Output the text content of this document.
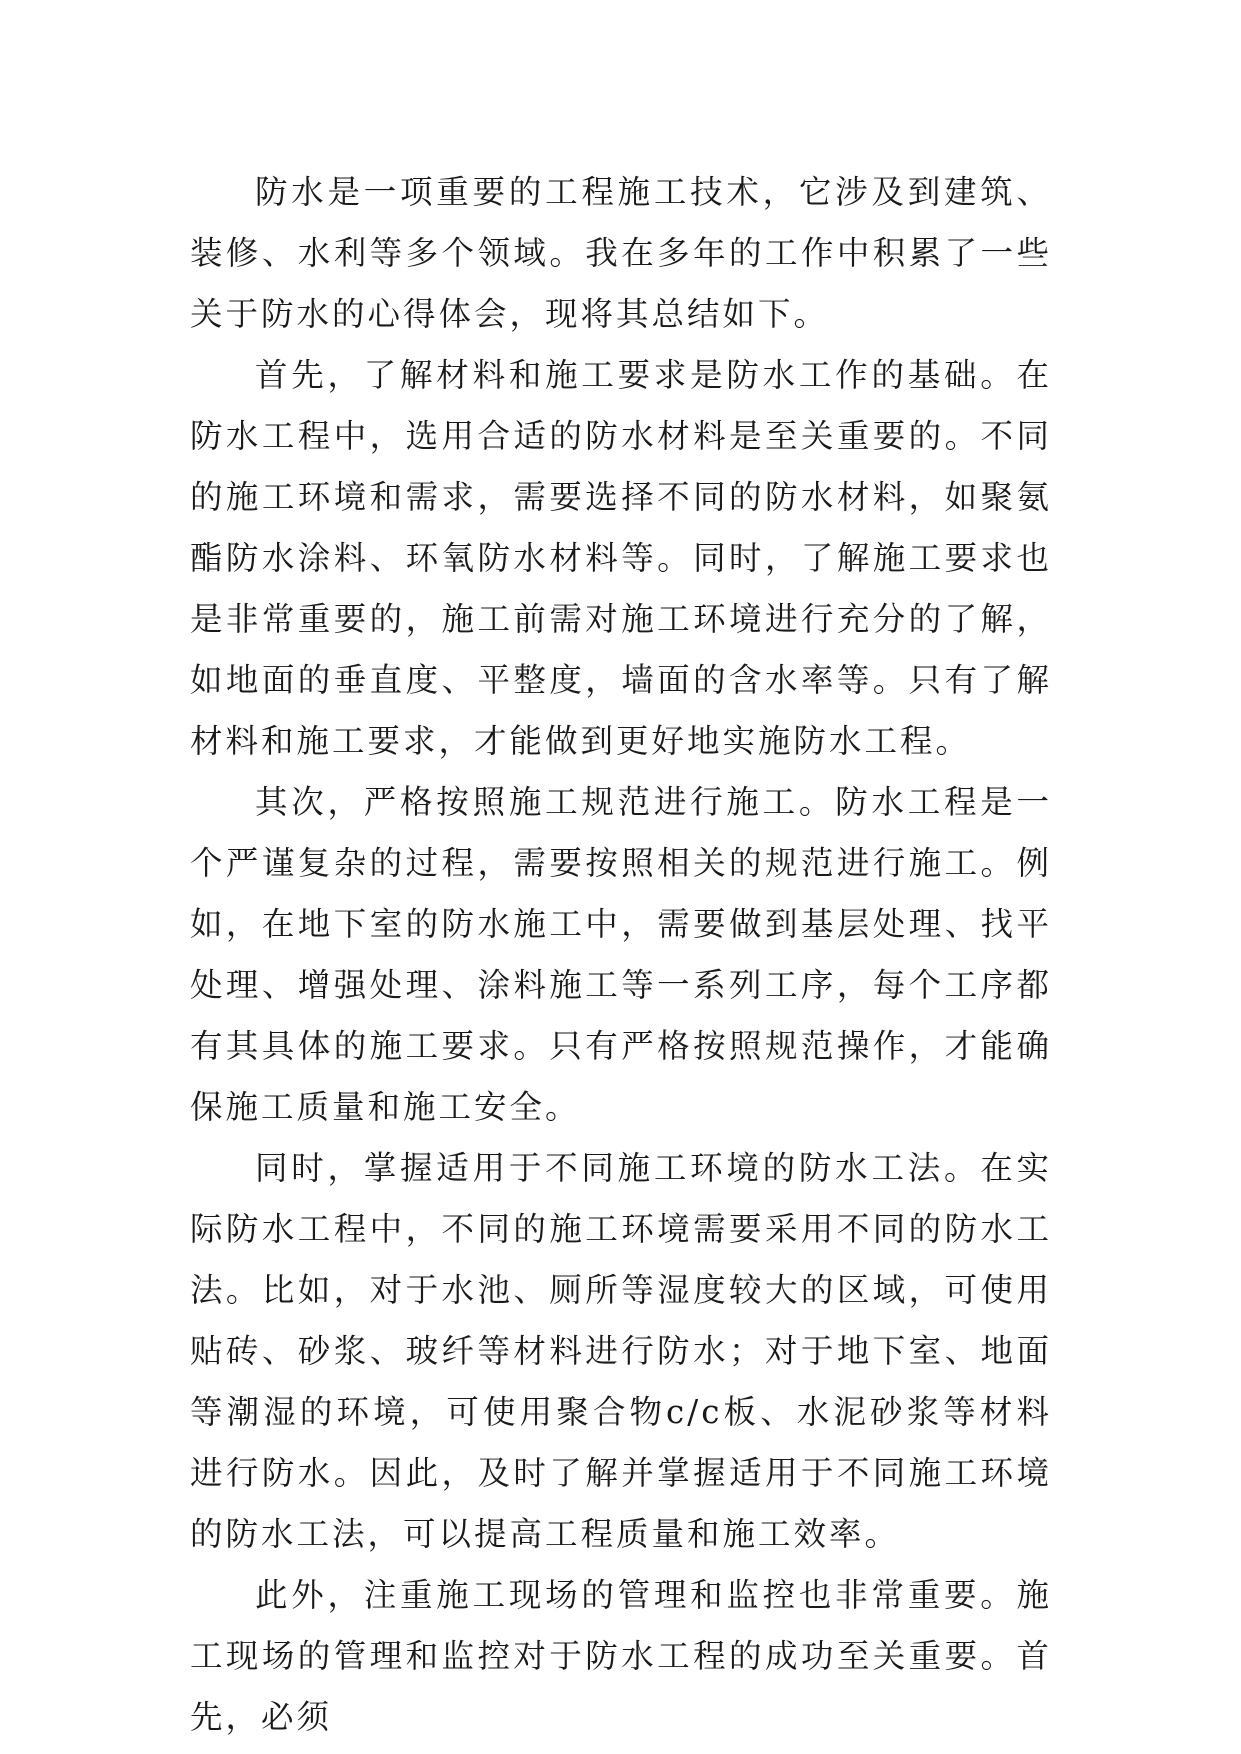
防水是一项重要的工程施工技术，它涉及到建筑、装修、水利等多个领域。我在多年的工作中积累了一些关于防水的心得体会，现将其总结如下。

首先，了解材料和施工要求是防水工作的基础。在防水工程中，选用合适的防水材料是至关重要的。不同的施工环境和需求，需要选择不同的防水材料，如聚氨酯防水涂料、环氧防水材料等。同时，了解施工要求也是非常重要的，施工前需对施工环境进行充分的了解，如地面的垂直度、平整度，墙面的含水率等。只有了解材料和施工要求，才能做到更好地实施防水工程。

其次，严格按照施工规范进行施工。防水工程是一个严谨复杂的过程，需要按照相关的规范进行施工。例如，在地下室的防水施工中，需要做到基层处理、找平处理、增强处理、涂料施工等一系列工序，每个工序都有其具体的施工要求。只有严格按照规范操作，才能确保施工质量和施工安全。

同时，掌握适用于不同施工环境的防水工法。在实际防水工程中，不同的施工环境需要采用不同的防水工法。比如，对于水池、厕所等湿度较大的区域，可使用贴砖、砂浆、玻纤等材料进行防水；对于地下室、地面等潮湿的环境，可使用聚合物c/c板、水泥砂浆等材料进行防水。因此，及时了解并掌握适用于不同施工环境的防水工法，可以提高工程质量和施工效率。

此外，注重施工现场的管理和监控也非常重要。施工现场的管理和监控对于防水工程的成功至关重要。首先，必须
